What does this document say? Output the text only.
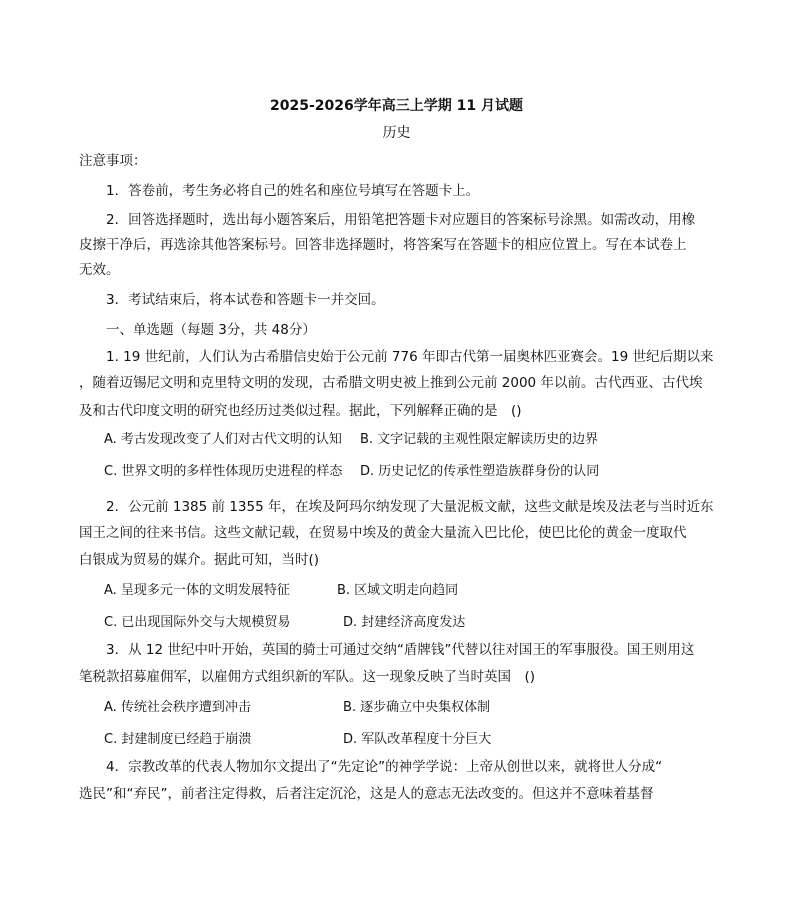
2025-2026学年高三上学期 11 月试题
历史
注意事项：
1．答卷前，考生务必将自己的姓名和座位号填写在答题卡上。
2．回答选择题时，选出每小题答案后，用铅笔把答题卡对应题目的答案标号涂黑。如需改动，用橡
皮擦干净后，再选涂其他答案标号。回答非选择题时，将答案写在答题卡的相应位置上。写在本试卷上
无效。
3．考试结束后，将本试卷和答题卡一并交回。
一、单选题（每题 3分，共 48分）
1. 19 世纪前，人们认为古希腊信史始于公元前 776 年即古代第一届奥林匹亚赛会。19 世纪后期以来
，随着迈锡尼文明和克里特文明的发现，古希腊文明史被上推到公元前 2000 年以前。古代西亚、古代埃
及和古代印度文明的研究也经历过类似过程。据此，下列解释正确的是　()
A. 考古发现改变了人们对古代文明的认知 B. 文字记载的主观性限定解读历史的边界
C. 世界文明的多样性体现历史进程的样态 D. 历史记忆的传承性塑造族群身份的认同
2．公元前 1385 前 1355 年，在埃及阿玛尔纳发现了大量泥板文献，这些文献是埃及法老与当时近东
国王之间的往来书信。这些文献记载，在贸易中埃及的黄金大量流入巴比伦，使巴比伦的黄金一度取代
白银成为贸易的媒介。据此可知，当时()
A. 呈现多元一体的文明发展特征	B. 区域文明走向趋同
C. 已出现国际外交与大规模贸易	D. 封建经济高度发达
3．从 12 世纪中叶开始，英国的骑士可通过交纳“盾牌钱”代替以往对国王的军事服役。国王则用这
笔税款招募雇佣军，以雇佣方式组织新的军队。这一现象反映了当时英国　()
A. 传统社会秩序遭到冲击	B. 逐步确立中央集权体制
C. 封建制度已经趋于崩溃	D. 军队改革程度十分巨大
4．宗教改革的代表人物加尔文提出了“先定论”的神学学说：上帝从创世以来，就将世人分成“
选民”和“弃民”，前者注定得救，后者注定沉沦，这是人的意志无法改变的。但这并不意味着基督
